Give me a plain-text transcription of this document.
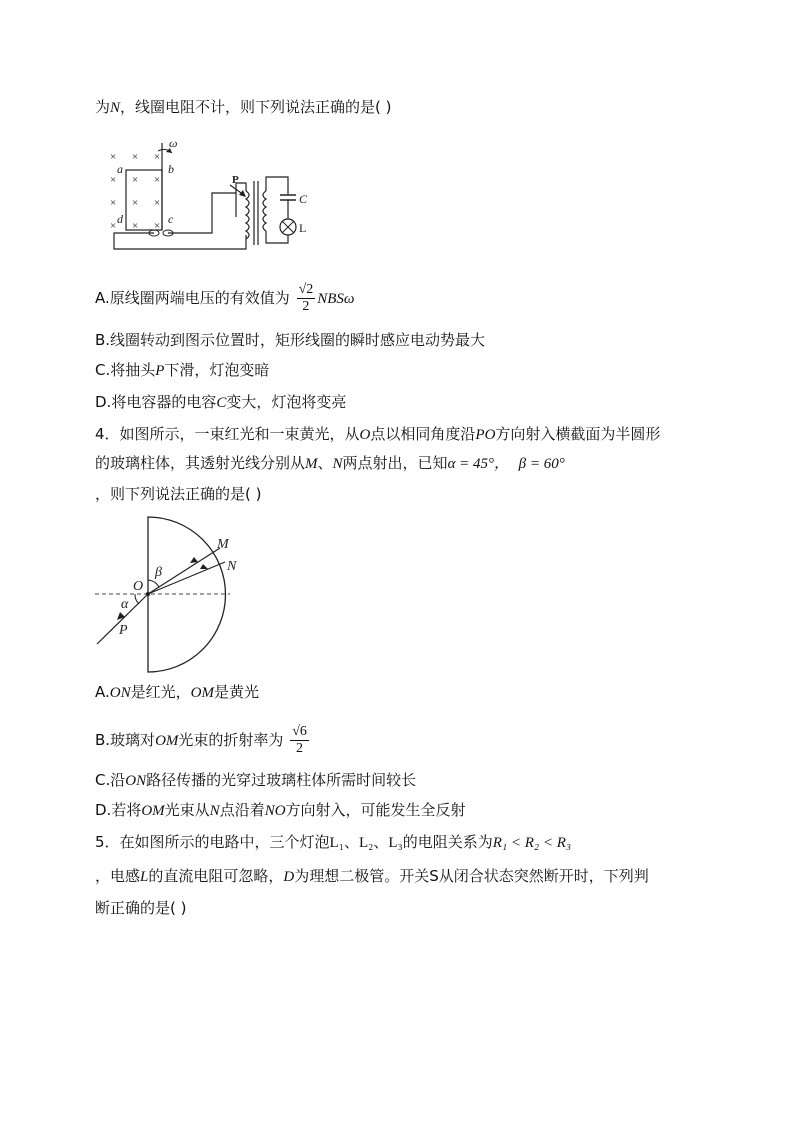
为N，线圈电阻不计，则下列说法正确的是( )
× × ×
× × ×
× × ×
× × ×
ω
a	b
c
d
C
P
L
A.原线圈两端电压的有效值为 $\frac{√2}{2}$ NBSω
B.线圈转动到图示位置时，矩形线圈的瞬时感应电动势最大
C.将抽头P下滑，灯泡变暗
D.将电容器的电容C变大，灯泡将变亮
4．如图所示，一束红光和一束黄光，从O点以相同角度沿PO方向射入横截面为半圆形
的玻璃柱体，其透射光线分别从M、N两点射出，已知α = 45°， β = 60°
，则下列说法正确的是( )
M
N
O
β
α
P
A.ON是红光，OM是黄光
B.玻璃对OM光束的折射率为 $\frac{√6}{2}$
C.沿ON路径传播的光穿过玻璃柱体所需时间较长
D.若将OM光束从N点沿着NO方向射入，可能发生全反射
5．在如图所示的电路中，三个灯泡L₁、L₂、L₃的电阻关系为R₁ < R₂ < R₃
，电感L的直流电阻可忽略，D为理想二极管。开关S从闭合状态突然断开时，下列判
断正确的是( )
